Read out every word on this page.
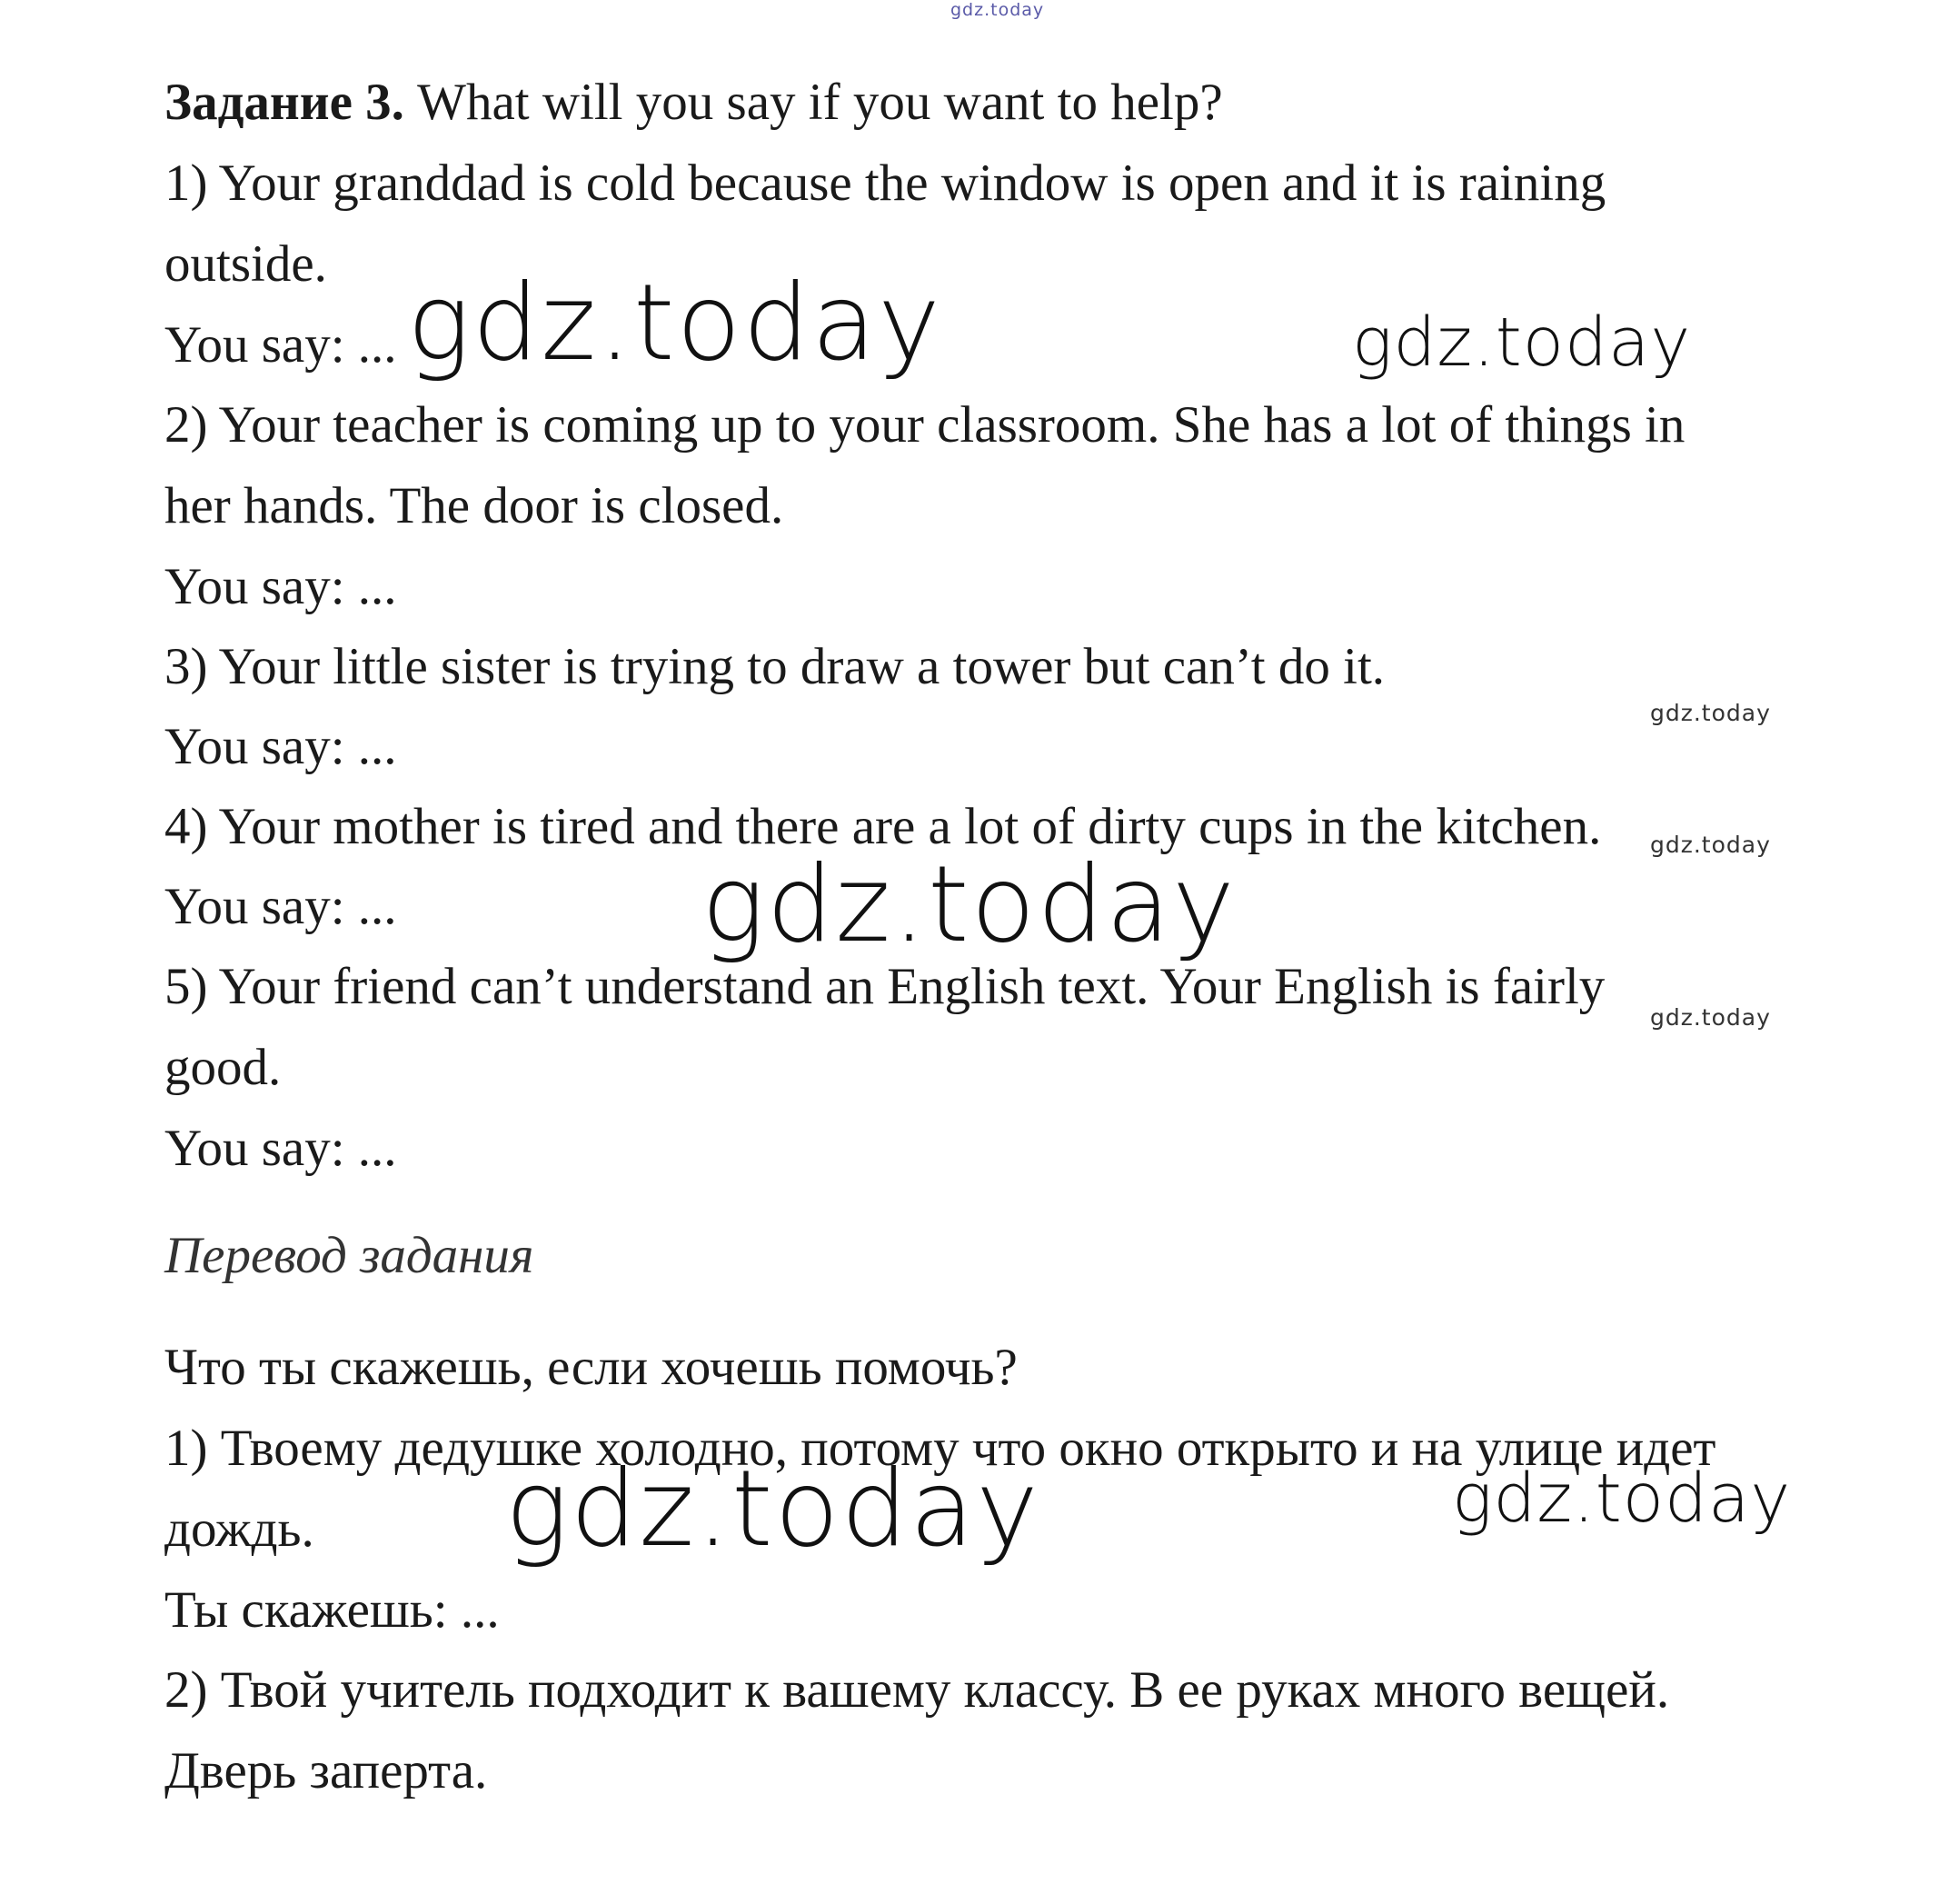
gdz.today
Задание 3. What will you say if you want to help?
1) Your granddad is cold because the window is open and it is raining
outside.
You say: ...
2) Your teacher is coming up to your classroom. She has a lot of things in
her hands. The door is closed.
You say: ...
3) Your little sister is trying to draw a tower but can’t do it.
You say: ...
4) Your mother is tired and there are a lot of dirty cups in the kitchen.
You say: ...
5) Your friend can’t understand an English text. Your English is fairly
good.
You say: ...
Перевод задания
Что ты скажешь, если хочешь помочь?
1) Твоему дедушке холодно, потому что окно открыто и на улице идет
дождь.
Ты скажешь: ...
2) Твой учитель подходит к вашему классу. В ее руках много вещей.
Дверь заперта.
gdz.today	gdz.today
gdz.today
gdz.today
gdz.today
gdz.today
gdz.today	gdz.today
